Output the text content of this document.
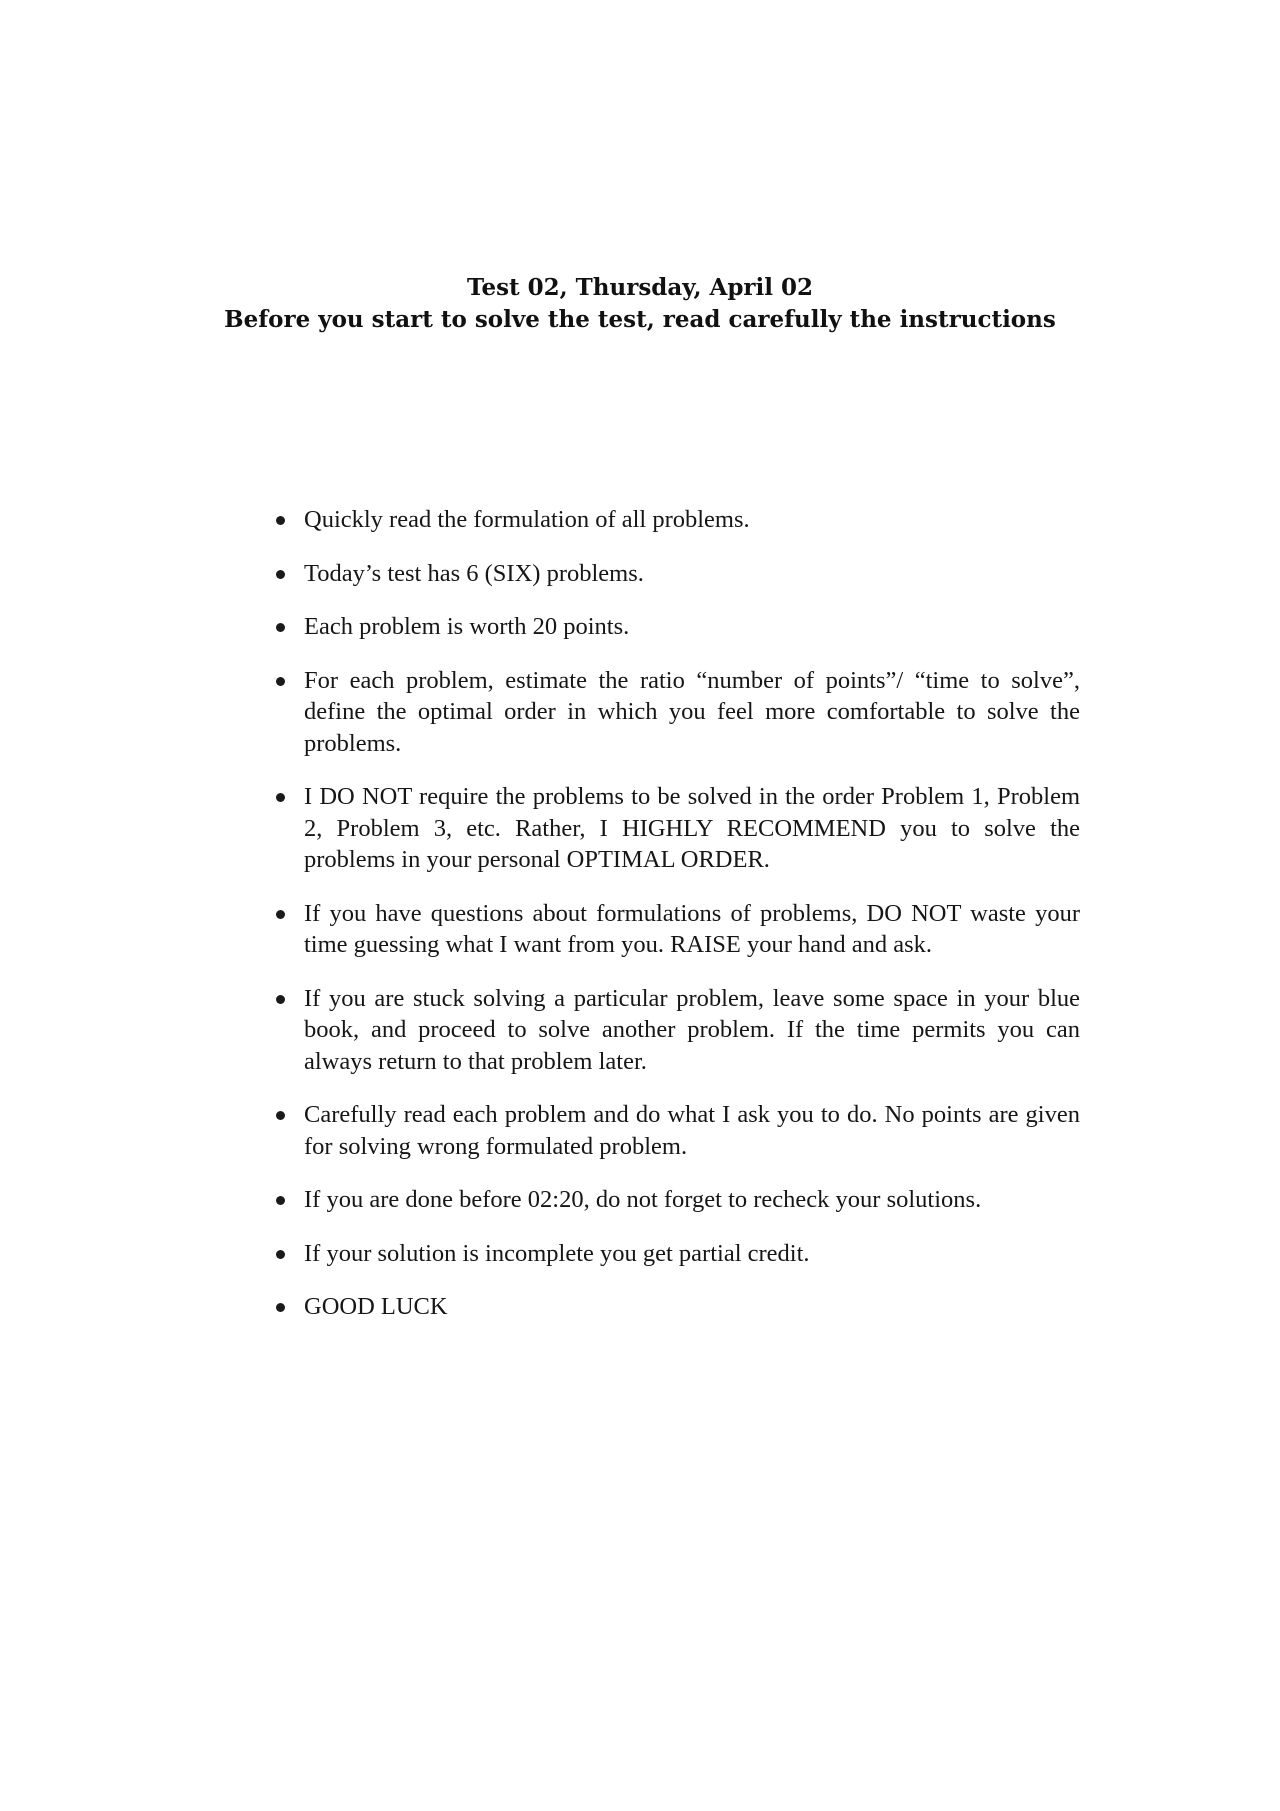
Test 02, Thursday, April 02
Before you start to solve the test, read carefully the instructions
Quickly read the formulation of all problems.
Today’s test has 6 (SIX) problems.
Each problem is worth 20 points.
For each problem, estimate the ratio “number of points”/ “time to solve”, define the optimal order in which you feel more comfortable to solve the problems.
I DO NOT require the problems to be solved in the order Problem 1, Problem 2, Problem 3, etc. Rather, I HIGHLY RECOMMEND you to solve the problems in your personal OPTIMAL ORDER.
If you have questions about formulations of problems, DO NOT waste your time guessing what I want from you. RAISE your hand and ask.
If you are stuck solving a particular problem, leave some space in your blue book, and proceed to solve another problem. If the time permits you can always return to that problem later.
Carefully read each problem and do what I ask you to do. No points are given for solving wrong formulated problem.
If you are done before 02:20, do not forget to recheck your solutions.
If your solution is incomplete you get partial credit.
GOOD LUCK
